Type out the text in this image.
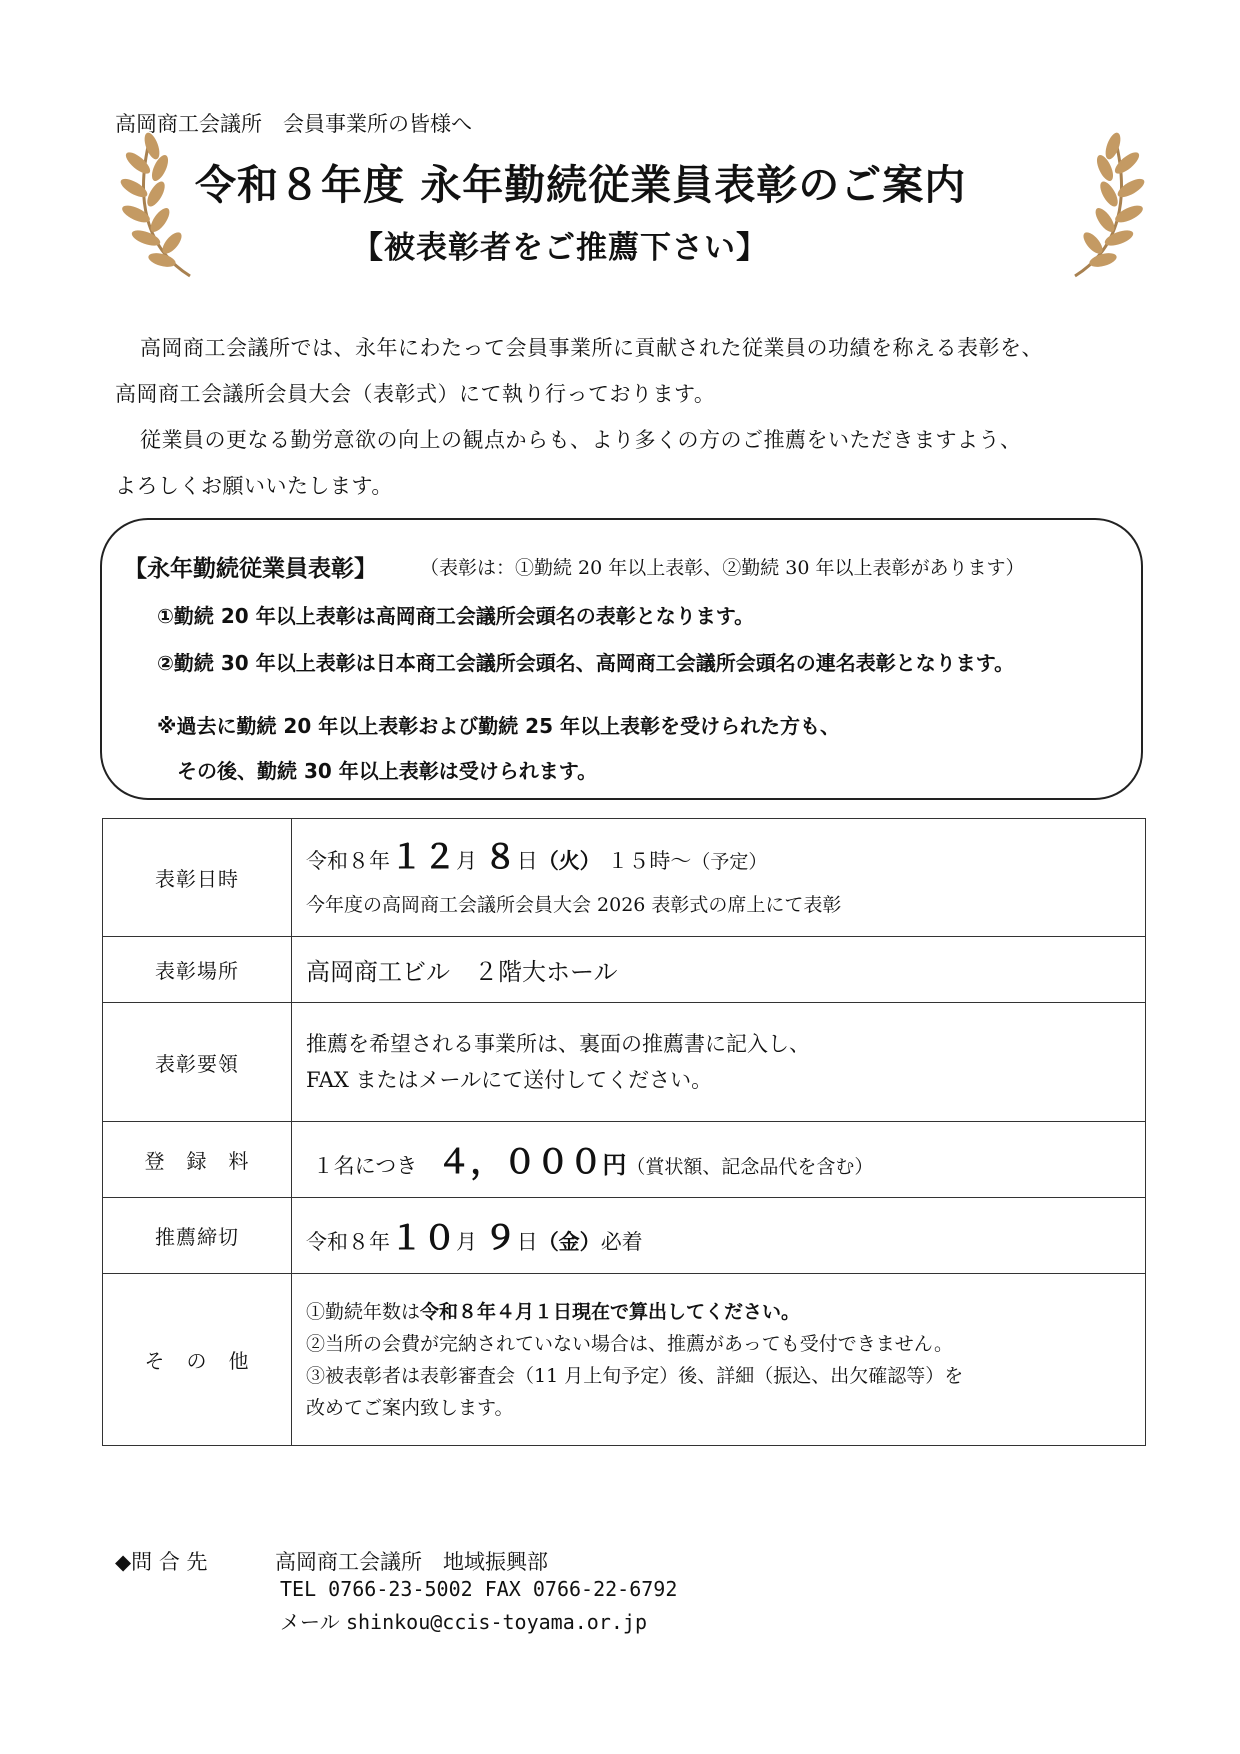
高岡商工会議所　会員事業所の皆様へ
令和８年度 永年勤続従業員表彰のご案内
【被表彰者をご推薦下さい】

高岡商工会議所では、永年にわたって会員事業所に貢献された従業員の功績を称える表彰を、

高岡商工会議所会員大会（表彰式）にて執り行っております。

従業員の更なる勤労意欲の向上の観点からも、より多くの方のご推薦をいただきますよう、

よろしくお願いいたします。

【永年勤続従業員表彰】 （表彰は：①勤続 20 年以上表彰、②勤続 30 年以上表彰があります）
①勤続 20 年以上表彰は高岡商工会議所会頭名の表彰となります。
②勤続 30 年以上表彰は日本商工会議所会頭名、高岡商工会議所会頭名の連名表彰となります。
※過去に勤続 20 年以上表彰および勤続 25 年以上表彰を受けられた方も、
その後、勤続 30 年以上表彰は受けられます。
表彰日時	令和８年１２月 ８日（火） １５時～（予定）
今年度の高岡商工会議所会員大会 2026 表彰式の席上にて表彰

表彰場所	高岡商工ビル　２階大ホール
表彰要領	推薦を希望される事業所は、裏面の推薦書に記入し、
FAX またはメールにて送付してください。

登　録　料	１名につき ４，０００円（賞状額、記念品代を含む）
推薦締切	令和８年１０月 ９日（金）必着
そ　の　他	①勤続年数は令和８年４月１日現在で算出してください。
②当所の会費が完納されていない場合は、推薦があっても受付できません。
③被表彰者は表彰審査会（11 月上旬予定）後、詳細（振込、出欠確認等）を
改めてご案内致します。
◆問 合 先	高岡商工会議所　地域振興部
TEL 0766-23-5002 FAX 0766-22-6792
メール shinkou@ccis-toyama.or.jp
